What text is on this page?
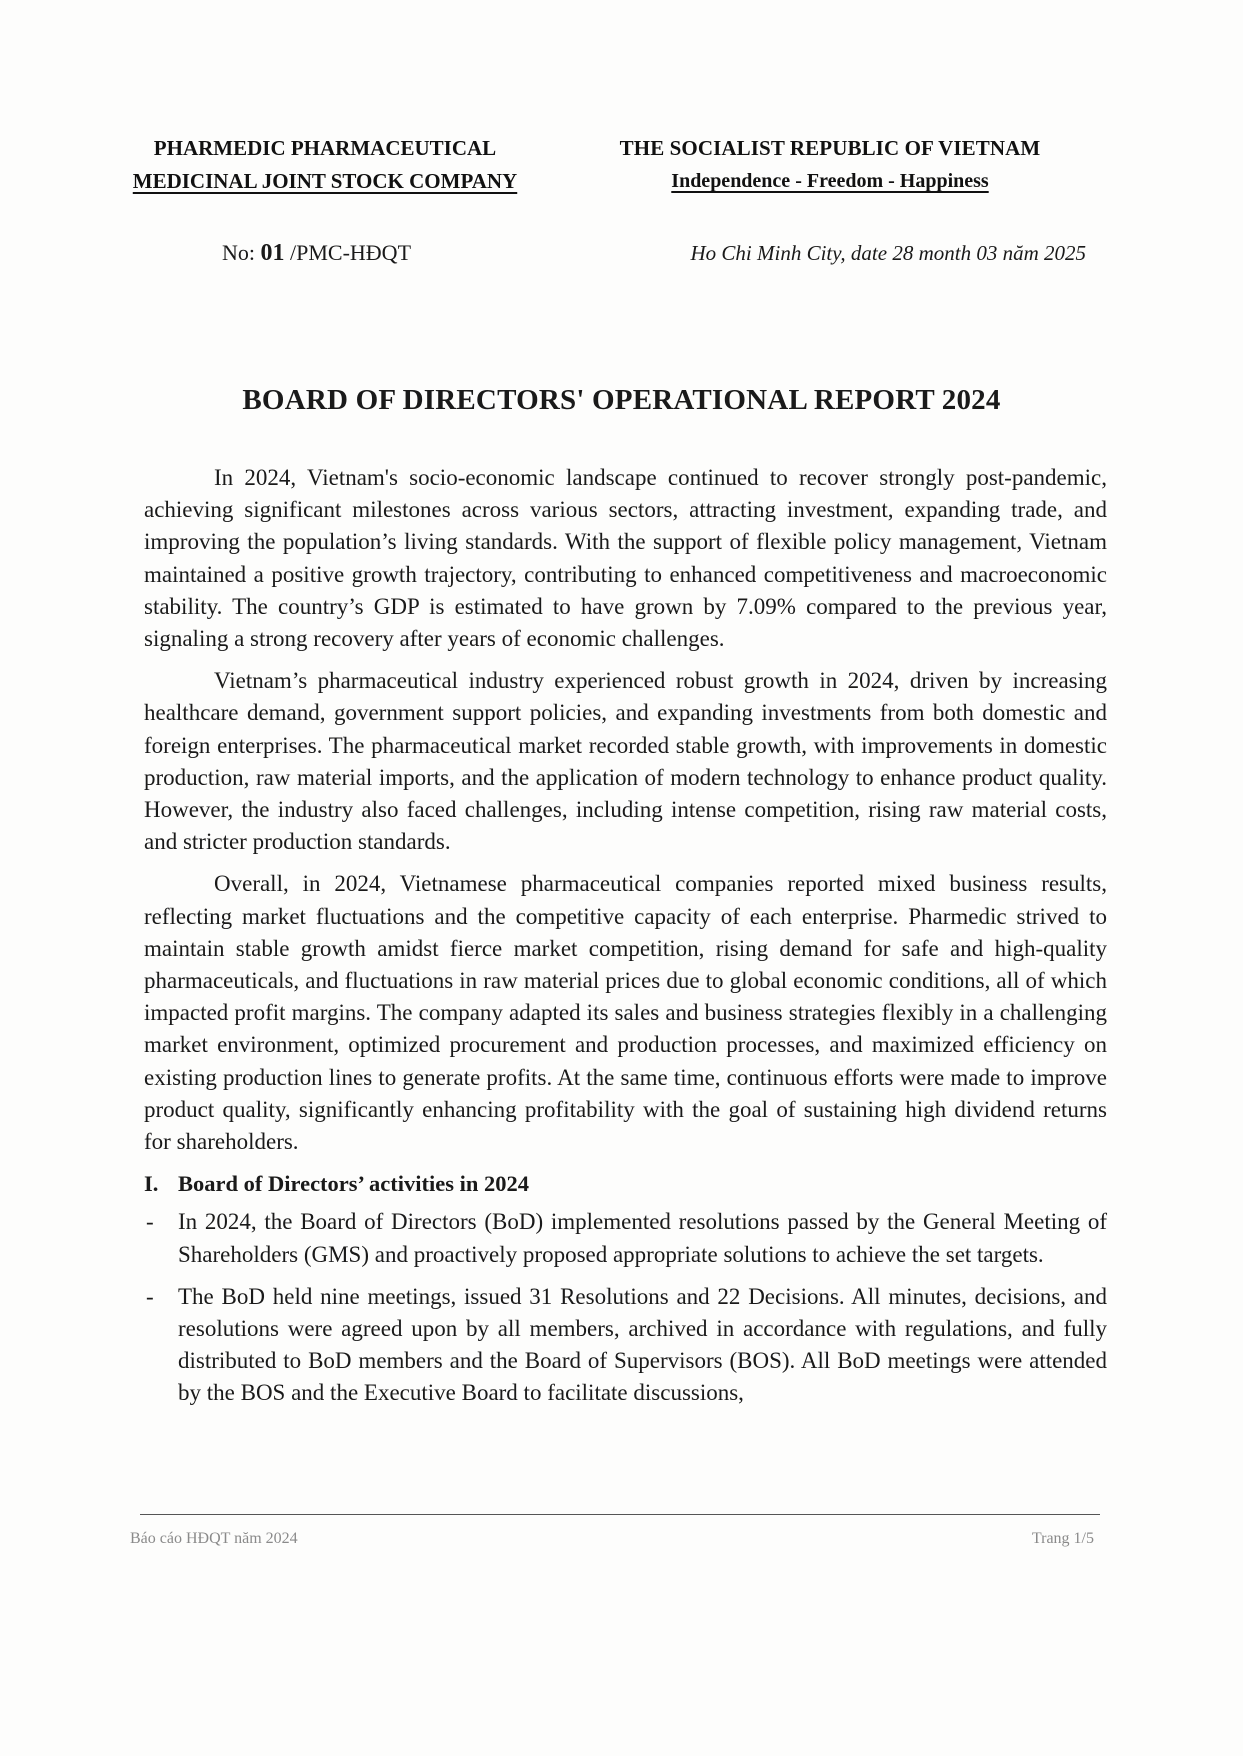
PHARMEDIC PHARMACEUTICAL
MEDICINAL JOINT STOCK COMPANY
THE SOCIALIST REPUBLIC OF VIETNAM
Independence - Freedom - Happiness
No: 01 /PMC-HĐQT	Ho Chi Minh City, date 28 month 03 năm 2025
BOARD OF DIRECTORS' OPERATIONAL REPORT 2024

In 2024, Vietnam's socio-economic landscape continued to recover strongly post-pandemic, achieving significant milestones across various sectors, attracting investment, expanding trade, and improving the population’s living standards. With the support of flexible policy management, Vietnam maintained a positive growth trajectory, contributing to enhanced competitiveness and macroeconomic stability. The country’s GDP is estimated to have grown by 7.09% compared to the previous year, signaling a strong recovery after years of economic challenges.

Vietnam’s pharmaceutical industry experienced robust growth in 2024, driven by increasing healthcare demand, government support policies, and expanding investments from both domestic and foreign enterprises. The pharmaceutical market recorded stable growth, with improvements in domestic production, raw material imports, and the application of modern technology to enhance product quality. However, the industry also faced challenges, including intense competition, rising raw material costs, and stricter production standards.

Overall, in 2024, Vietnamese pharmaceutical companies reported mixed business results, reflecting market fluctuations and the competitive capacity of each enterprise. Pharmedic strived to maintain stable growth amidst fierce market competition, rising demand for safe and high-quality pharmaceuticals, and fluctuations in raw material prices due to global economic conditions, all of which impacted profit margins. The company adapted its sales and business strategies flexibly in a challenging market environment, optimized procurement and production processes, and maximized efficiency on existing production lines to generate profits. At the same time, continuous efforts were made to improve product quality, significantly enhancing profitability with the goal of sustaining high dividend returns for shareholders.

I. Board of Directors’ activities in 2024
- In 2024, the Board of Directors (BoD) implemented resolutions passed by the General Meeting of Shareholders (GMS) and proactively proposed appropriate solutions to achieve the set targets.
- The BoD held nine meetings, issued 31 Resolutions and 22 Decisions. All minutes, decisions, and resolutions were agreed upon by all members, archived in accordance with regulations, and fully distributed to BoD members and the Board of Supervisors (BOS). All BoD meetings were attended by the BOS and the Executive Board to facilitate discussions,
Báo cáo HĐQT năm 2024	Trang 1/5
